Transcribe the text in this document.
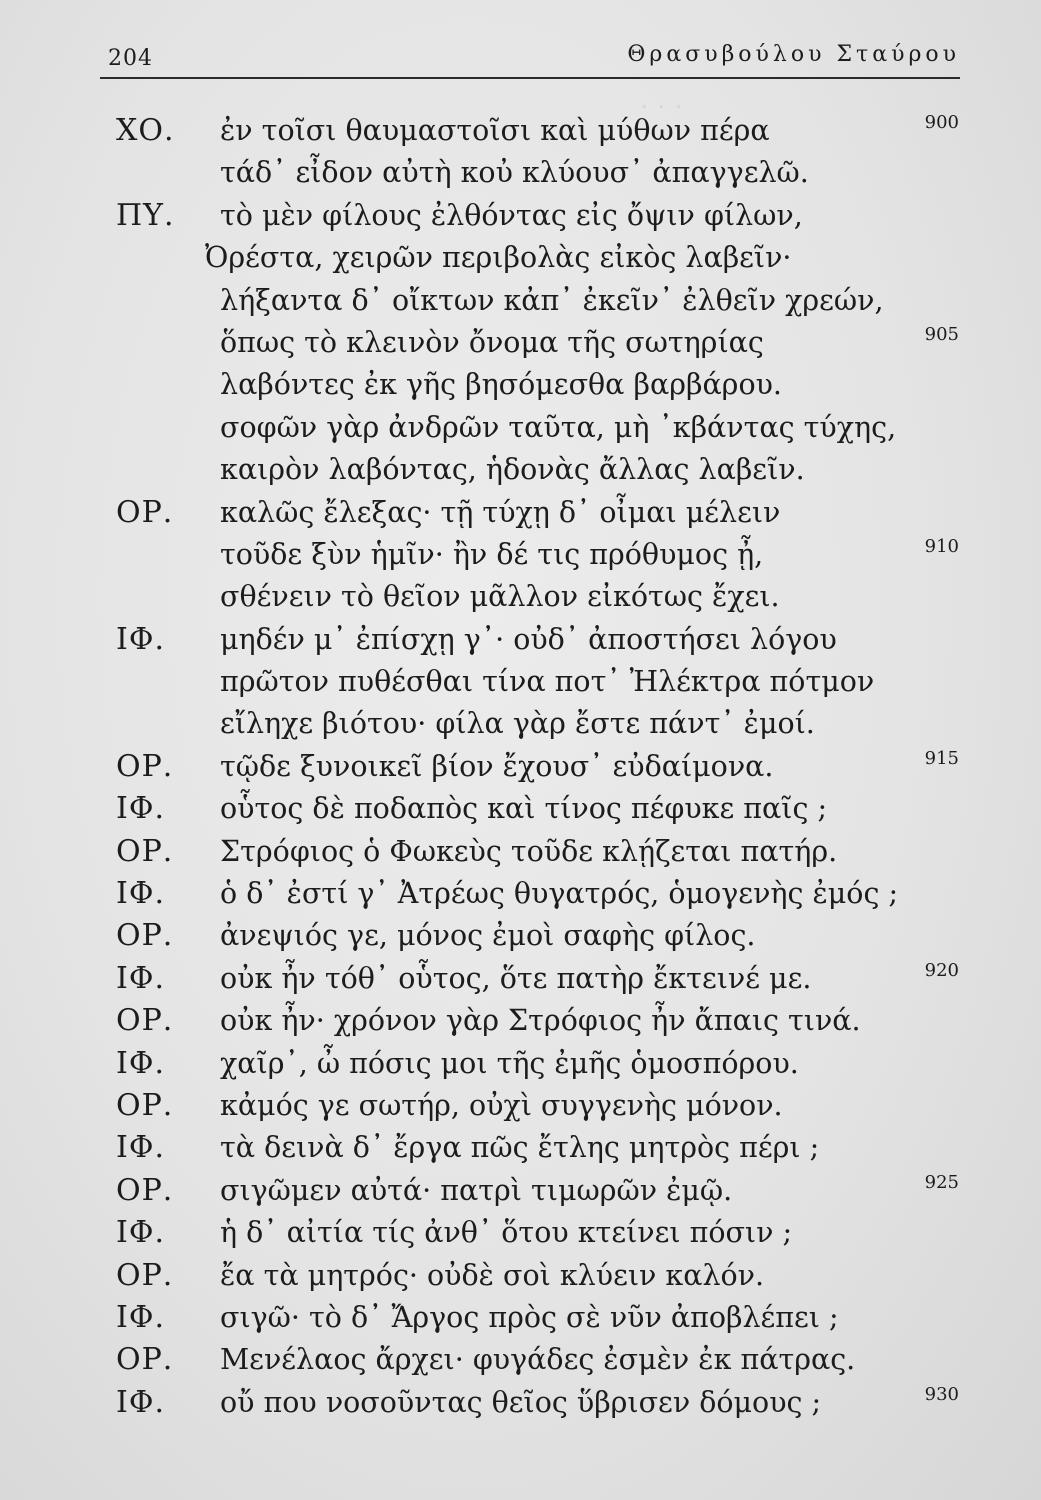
· · ·
204	Θρασυβούλου Σταύρου
ΧΟ. ἐν τοῖσι θαυμαστοῖσι καὶ μύθων πέρα	900
τάδ᾽ εἶδον αὐτὴ κοὐ κλύουσ᾽ ἀπαγγελῶ.
ΠΥ. τὸ μὲν φίλους ἐλθόντας εἰς ὄψιν φίλων,
Ὀρέστα, χειρῶν περιβολὰς εἰκὸς λαβεῖν·
λήξαντα δ᾽ οἴκτων κἀπ᾽ ἐκεῖν᾽ ἐλθεῖν χρεών,
ὅπως τὸ κλεινὸν ὄνομα τῆς σωτηρίας	905
λαβόντες ἐκ γῆς βησόμεσθα βαρβάρου.
σοφῶν γὰρ ἀνδρῶν ταῦτα, μὴ ᾽κβάντας τύχης,
καιρὸν λαβόντας, ἡδονὰς ἄλλας λαβεῖν.
ΟΡ. καλῶς ἔλεξας· τῇ τύχῃ δ᾽ οἶμαι μέλειν
τοῦδε ξὺν ἡμῖν· ἢν δέ τις πρόθυμος ᾖ,	910
σθένειν τὸ θεῖον μᾶλλον εἰκότως ἔχει.
ΙΦ. μηδέν μ᾽ ἐπίσχῃ γ᾽· οὐδ᾽ ἀποστήσει λόγου
πρῶτον πυθέσθαι τίνα ποτ᾽ Ἠλέκτρα πότμον
εἴληχε βιότου· φίλα γὰρ ἔστε πάντ᾽ ἐμοί.
ΟΡ. τῷδε ξυνοικεῖ βίον ἔχουσ᾽ εὐδαίμονα.	915
ΙΦ. οὗτος δὲ ποδαπὸς καὶ τίνος πέφυκε παῖς ;
ΟΡ. Στρόφιος ὁ Φωκεὺς τοῦδε κλῄζεται πατήρ.
ΙΦ. ὁ δ᾽ ἐστί γ᾽ Ἀτρέως θυγατρός, ὁμογενὴς ἐμός ;
ΟΡ. ἀνεψιός γε, μόνος ἐμοὶ σαφὴς φίλος.
ΙΦ. οὐκ ἦν τόθ᾽ οὗτος, ὅτε πατὴρ ἔκτεινέ με.	920
ΟΡ. οὐκ ἦν· χρόνον γὰρ Στρόφιος ἦν ἄπαις τινά.
ΙΦ. χαῖρ᾽, ὦ πόσις μοι τῆς ἐμῆς ὁμοσπόρου.
ΟΡ. κἀμός γε σωτήρ, οὐχὶ συγγενὴς μόνον.
ΙΦ. τὰ δεινὰ δ᾽ ἔργα πῶς ἔτλης μητρὸς πέρι ;
ΟΡ. σιγῶμεν αὐτά· πατρὶ τιμωρῶν ἐμῷ.	925
ΙΦ. ἡ δ᾽ αἰτία τίς ἀνθ᾽ ὅτου κτείνει πόσιν ;
ΟΡ. ἔα τὰ μητρός· οὐδὲ σοὶ κλύειν καλόν.
ΙΦ. σιγῶ· τὸ δ᾽ Ἄργος πρὸς σὲ νῦν ἀποβλέπει ;
ΟΡ. Μενέλαος ἄρχει· φυγάδες ἐσμὲν ἐκ πάτρας.
ΙΦ. οὔ που νοσοῦντας θεῖος ὕβρισεν δόμους ;	930
